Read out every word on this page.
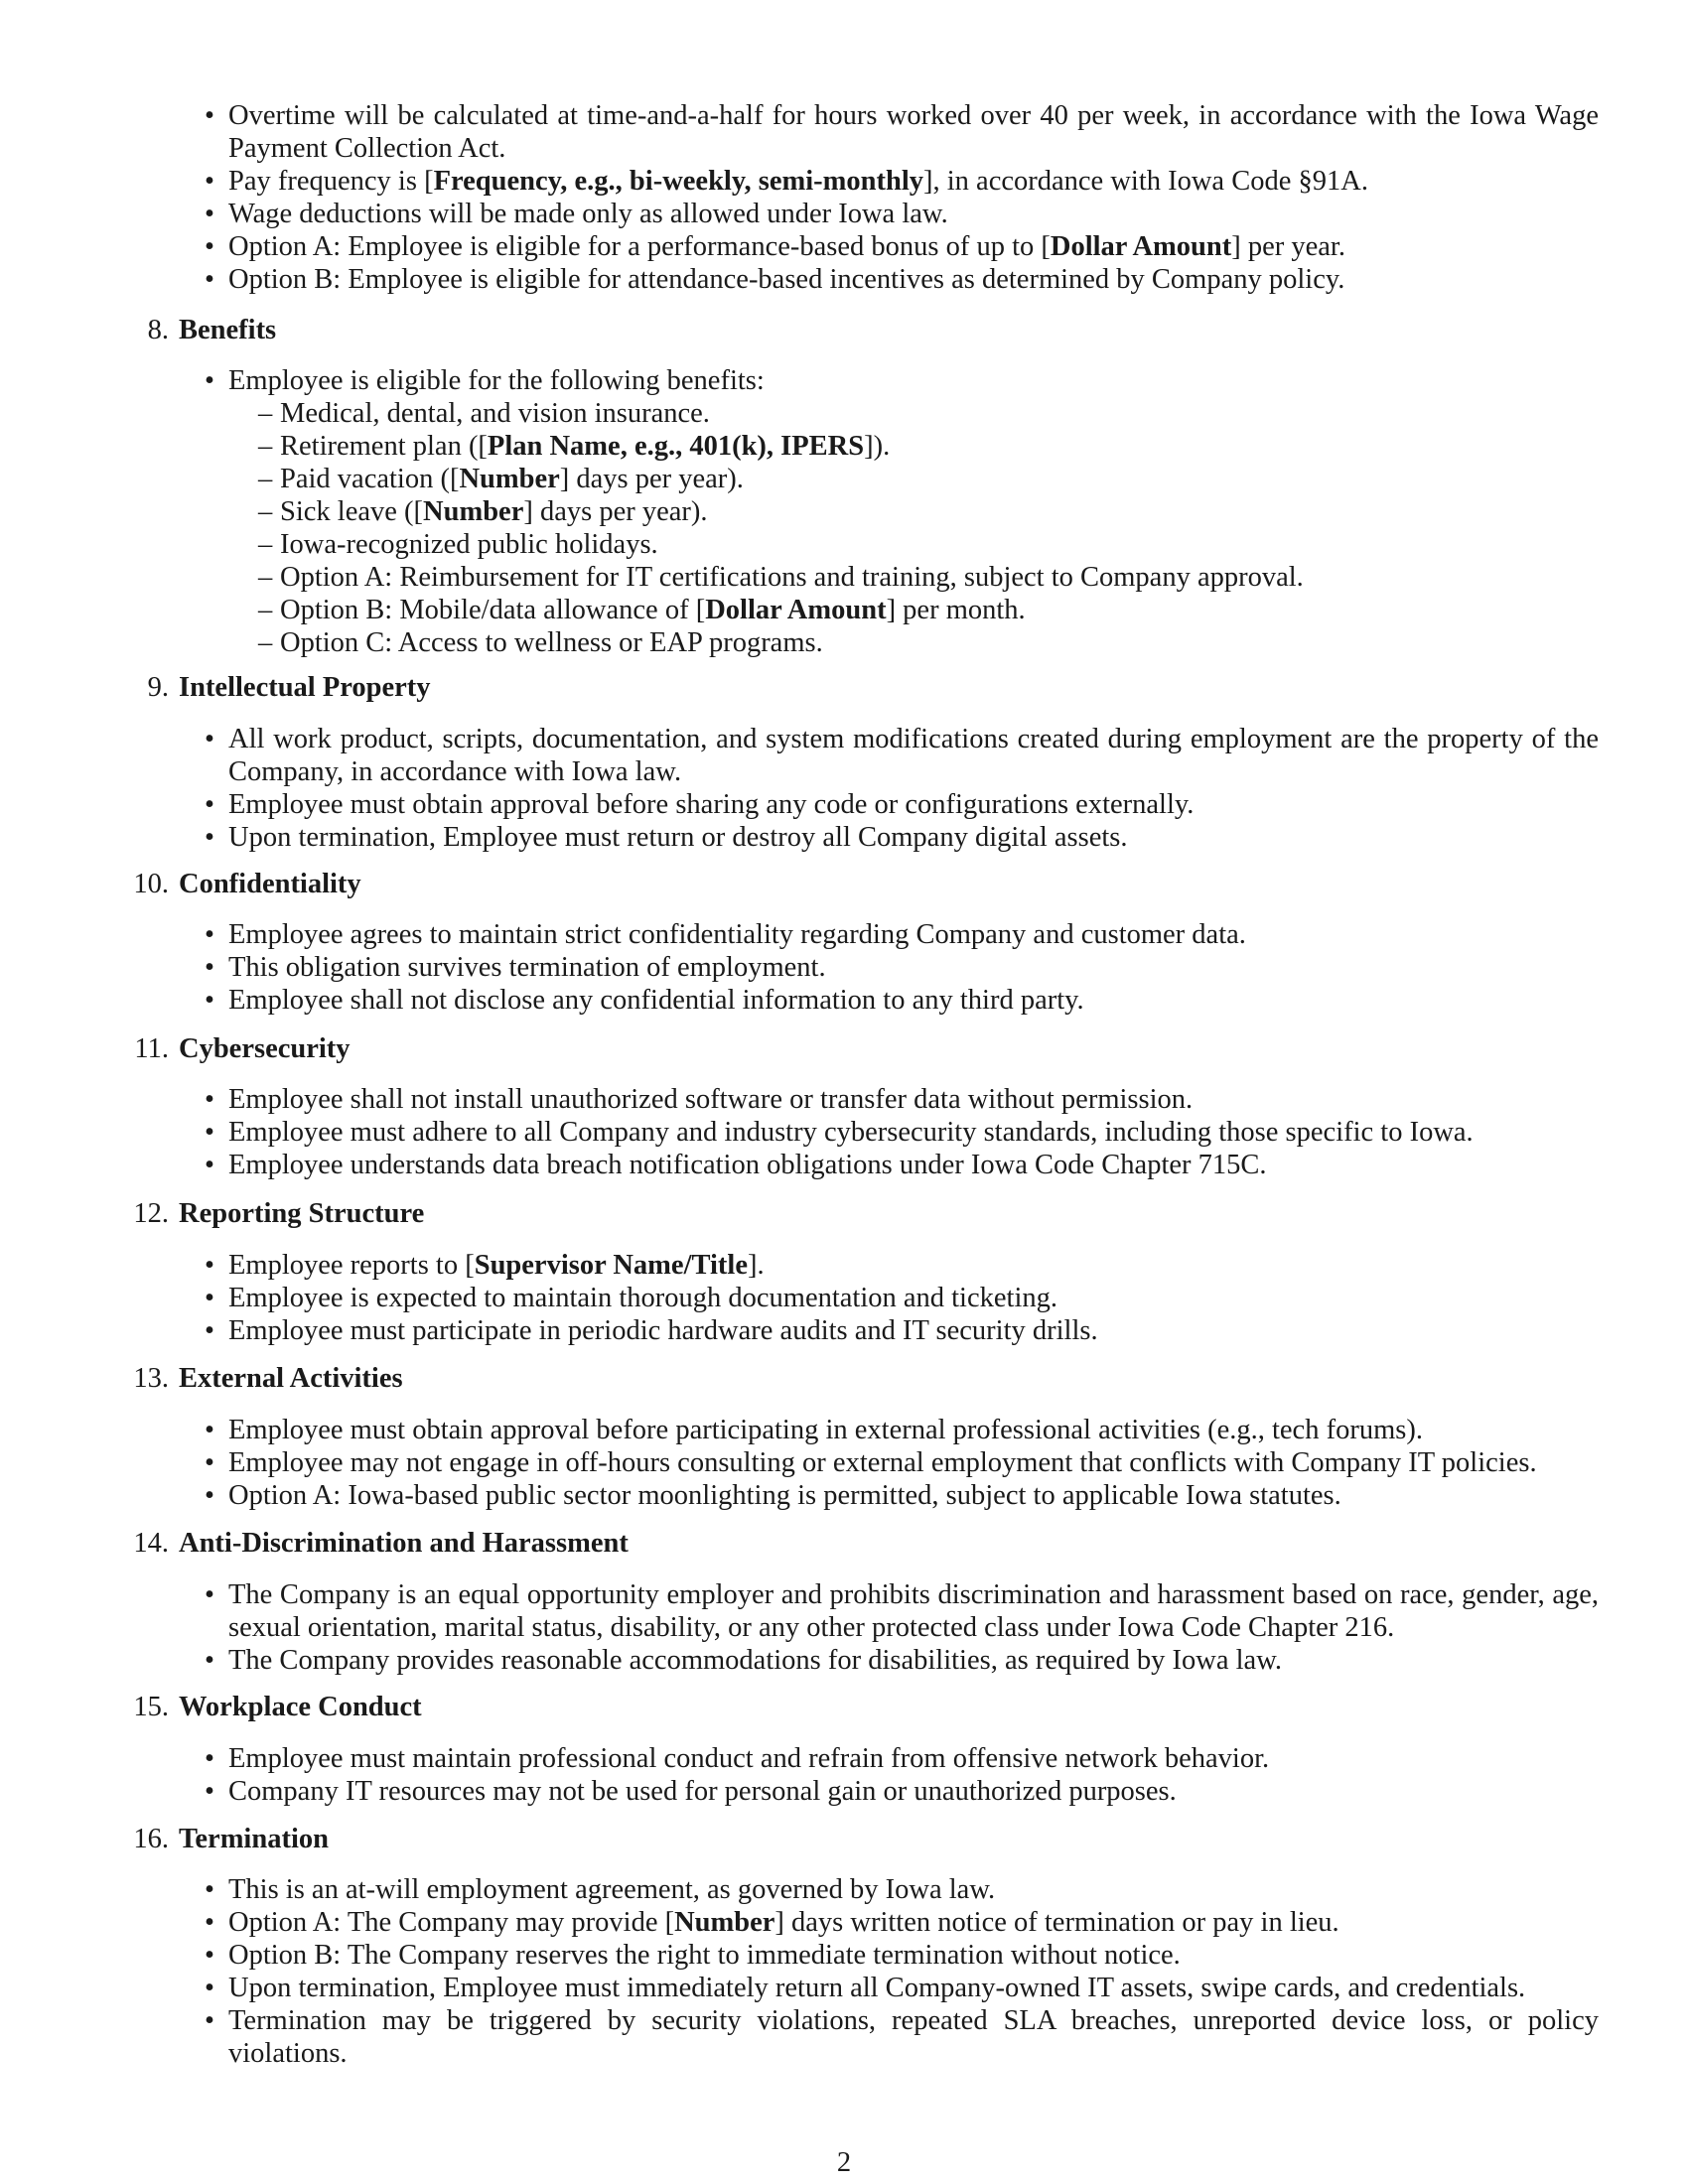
• Overtime will be calculated at time-and-a-half for hours worked over 40 per week, in accordance with the Iowa Wage Payment Collection Act.
• Pay frequency is [Frequency, e.g., bi-weekly, semi-monthly], in accordance with Iowa Code §91A.
• Wage deductions will be made only as allowed under Iowa law.
• Option A: Employee is eligible for a performance-based bonus of up to [Dollar Amount] per year.
• Option B: Employee is eligible for attendance-based incentives as determined by Company policy.
8. Benefits
• Employee is eligible for the following benefits:
– Medical, dental, and vision insurance.
– Retirement plan ([Plan Name, e.g., 401(k), IPERS]).
– Paid vacation ([Number] days per year).
– Sick leave ([Number] days per year).
– Iowa-recognized public holidays.
– Option A: Reimbursement for IT certifications and training, subject to Company approval.
– Option B: Mobile/data allowance of [Dollar Amount] per month.
– Option C: Access to wellness or EAP programs.
9. Intellectual Property
• All work product, scripts, documentation, and system modifications created during employment are the property of the Company, in accordance with Iowa law.
• Employee must obtain approval before sharing any code or configurations externally.
• Upon termination, Employee must return or destroy all Company digital assets.
10. Confidentiality
• Employee agrees to maintain strict confidentiality regarding Company and customer data.
• This obligation survives termination of employment.
• Employee shall not disclose any confidential information to any third party.
11. Cybersecurity
• Employee shall not install unauthorized software or transfer data without permission.
• Employee must adhere to all Company and industry cybersecurity standards, including those specific to Iowa.
• Employee understands data breach notification obligations under Iowa Code Chapter 715C.
12. Reporting Structure
• Employee reports to [Supervisor Name/Title].
• Employee is expected to maintain thorough documentation and ticketing.
• Employee must participate in periodic hardware audits and IT security drills.
13. External Activities
• Employee must obtain approval before participating in external professional activities (e.g., tech forums).
• Employee may not engage in off-hours consulting or external employment that conflicts with Company IT policies.
• Option A: Iowa-based public sector moonlighting is permitted, subject to applicable Iowa statutes.
14. Anti-Discrimination and Harassment
• The Company is an equal opportunity employer and prohibits discrimination and harassment based on race, gender, age, sexual orientation, marital status, disability, or any other protected class under Iowa Code Chapter 216.
• The Company provides reasonable accommodations for disabilities, as required by Iowa law.
15. Workplace Conduct
• Employee must maintain professional conduct and refrain from offensive network behavior.
• Company IT resources may not be used for personal gain or unauthorized purposes.
16. Termination
• This is an at-will employment agreement, as governed by Iowa law.
• Option A: The Company may provide [Number] days written notice of termination or pay in lieu.
• Option B: The Company reserves the right to immediate termination without notice.
• Upon termination, Employee must immediately return all Company-owned IT assets, swipe cards, and credentials.
• Termination may be triggered by security violations, repeated SLA breaches, unreported device loss, or policy violations.
2
